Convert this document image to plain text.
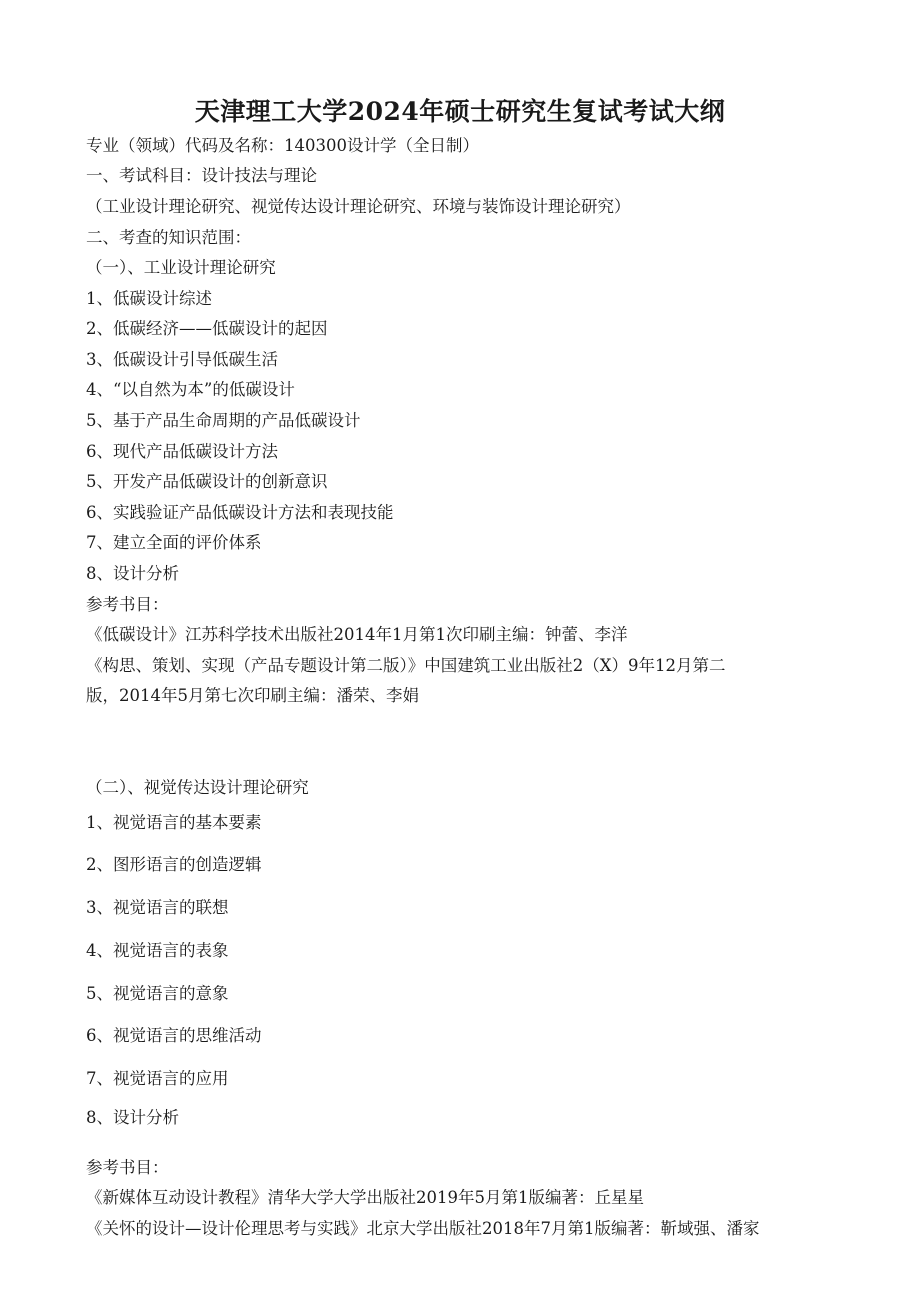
天津理工大学2024年硕士研究生复试考试大纲
专业（领域）代码及名称：140300设计学（全日制）
一、考试科目：设计技法与理论
（工业设计理论研究、视觉传达设计理论研究、环境与装饰设计理论研究）
二、考查的知识范围：
（一）、工业设计理论研究
1、低碳设计综述
2、低碳经济——低碳设计的起因
3、低碳设计引导低碳生活
4、“以自然为本”的低碳设计
5、基于产品生命周期的产品低碳设计
6、现代产品低碳设计方法
5、开发产品低碳设计的创新意识
6、实践验证产品低碳设计方法和表现技能
7、建立全面的评价体系
8、设计分析
参考书目：
《低碳设计》江苏科学技术出版社2014年1月第1次印刷主编：钟蕾、李洋
《构思、策划、实现（产品专题设计第二版）》中国建筑工业出版社2（X）9年12月第二
版，2014年5月第七次印刷主编：潘荣、李娟
（二）、视觉传达设计理论研究
1、视觉语言的基本要素
2、图形语言的创造逻辑
3、视觉语言的联想
4、视觉语言的表象
5、视觉语言的意象
6、视觉语言的思维活动
7、视觉语言的应用
8、设计分析
参考书目：
《新媒体互动设计教程》清华大学大学出版社2019年5月第1版编著：丘星星
《关怀的设计—设计伦理思考与实践》北京大学出版社2018年7月第1版编著：靳域强、潘家
